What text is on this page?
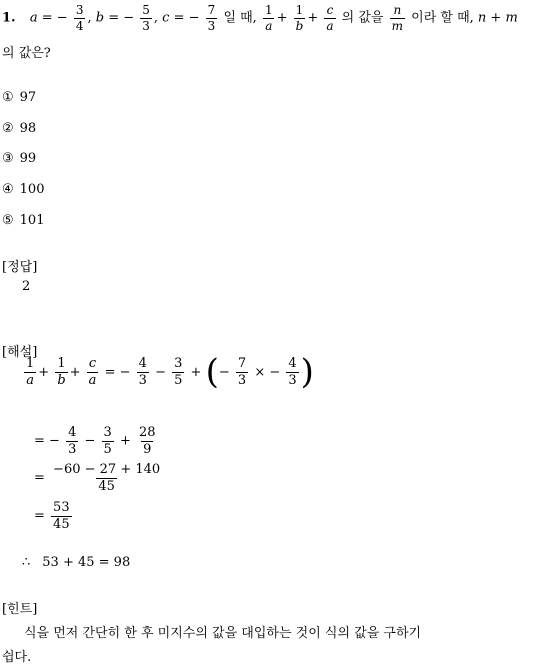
1. a = − $\frac{3}{4}$ , b = − $\frac{5}{3}$ , c = − $\frac{7}{3}$ 일 때, $\frac{1}{a} + \frac{1}{b} + \frac{c}{a}$ 의 값을 $\frac{n}{m}$ 이라 할 때, n + m
의 값은?
① 97
② 98
③ 99
④ 100
⑤ 101
[정답]
2
[해설]
$\frac{1}{a} + \frac{1}{b} + \frac{c}{a}$ = − $\frac{4}{3} - \frac{3}{5}$ + (− $\frac{7}{3}$ × − $\frac{4}{3}$ )
= − $\frac{4}{3} - \frac{3}{5} + \frac{28}{9}$
= $\frac{-60 - 27 + 140}{45}$
= $\frac{53}{45}$
∴ 53 + 45 = 98
[힌트]
식을 먼저 간단히 한 후 미지수의 값을 대입하는 것이 식의 값을 구하기
쉽다.
